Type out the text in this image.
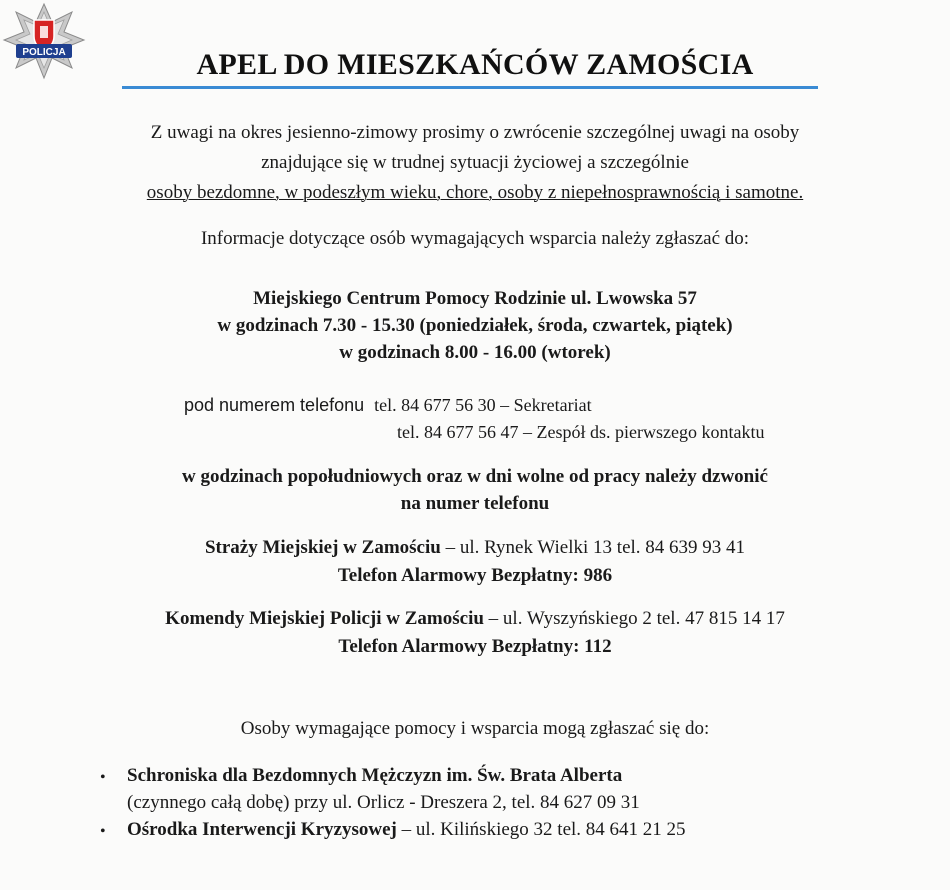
POLICJA	APEL DO MIESZKAŃCÓW ZAMOŚCIA
Z uwagi na okres jesienno-zimowy prosimy o zwrócenie szczególnej uwagi na osoby
znajdujące się w trudnej sytuacji życiowej a szczególnie
osoby bezdomne, w podeszłym wieku, chore, osoby z niepełnosprawnością i samotne.
Informacje dotyczące osób wymagających wsparcia należy zgłaszać do:
Miejskiego Centrum Pomocy Rodzinie ul. Lwowska 57
w godzinach 7.30 - 15.30 (poniedziałek, środa, czwartek, piątek)
w godzinach 8.00 - 16.00 (wtorek)
pod numerem telefonu tel. 84 677 56 30 – Sekretariat
tel. 84 677 56 47 – Zespół ds. pierwszego kontaktu
w godzinach popołudniowych oraz w dni wolne od pracy należy dzwonić
na numer telefonu
Straży Miejskiej w Zamościu – ul. Rynek Wielki 13 tel. 84 639 93 41
Telefon Alarmowy Bezpłatny: 986
Komendy Miejskiej Policji w Zamościu – ul. Wyszyńskiego 2 tel. 47 815 14 17
Telefon Alarmowy Bezpłatny: 112
Osoby wymagające pomocy i wsparcia mogą zgłaszać się do:
• Schroniska dla Bezdomnych Mężczyzn im. Św. Brata Alberta
(czynnego całą dobę) przy ul. Orlicz - Dreszera 2, tel. 84 627 09 31
• Ośrodka Interwencji Kryzysowej – ul. Kilińskiego 32 tel. 84 641 21 25
